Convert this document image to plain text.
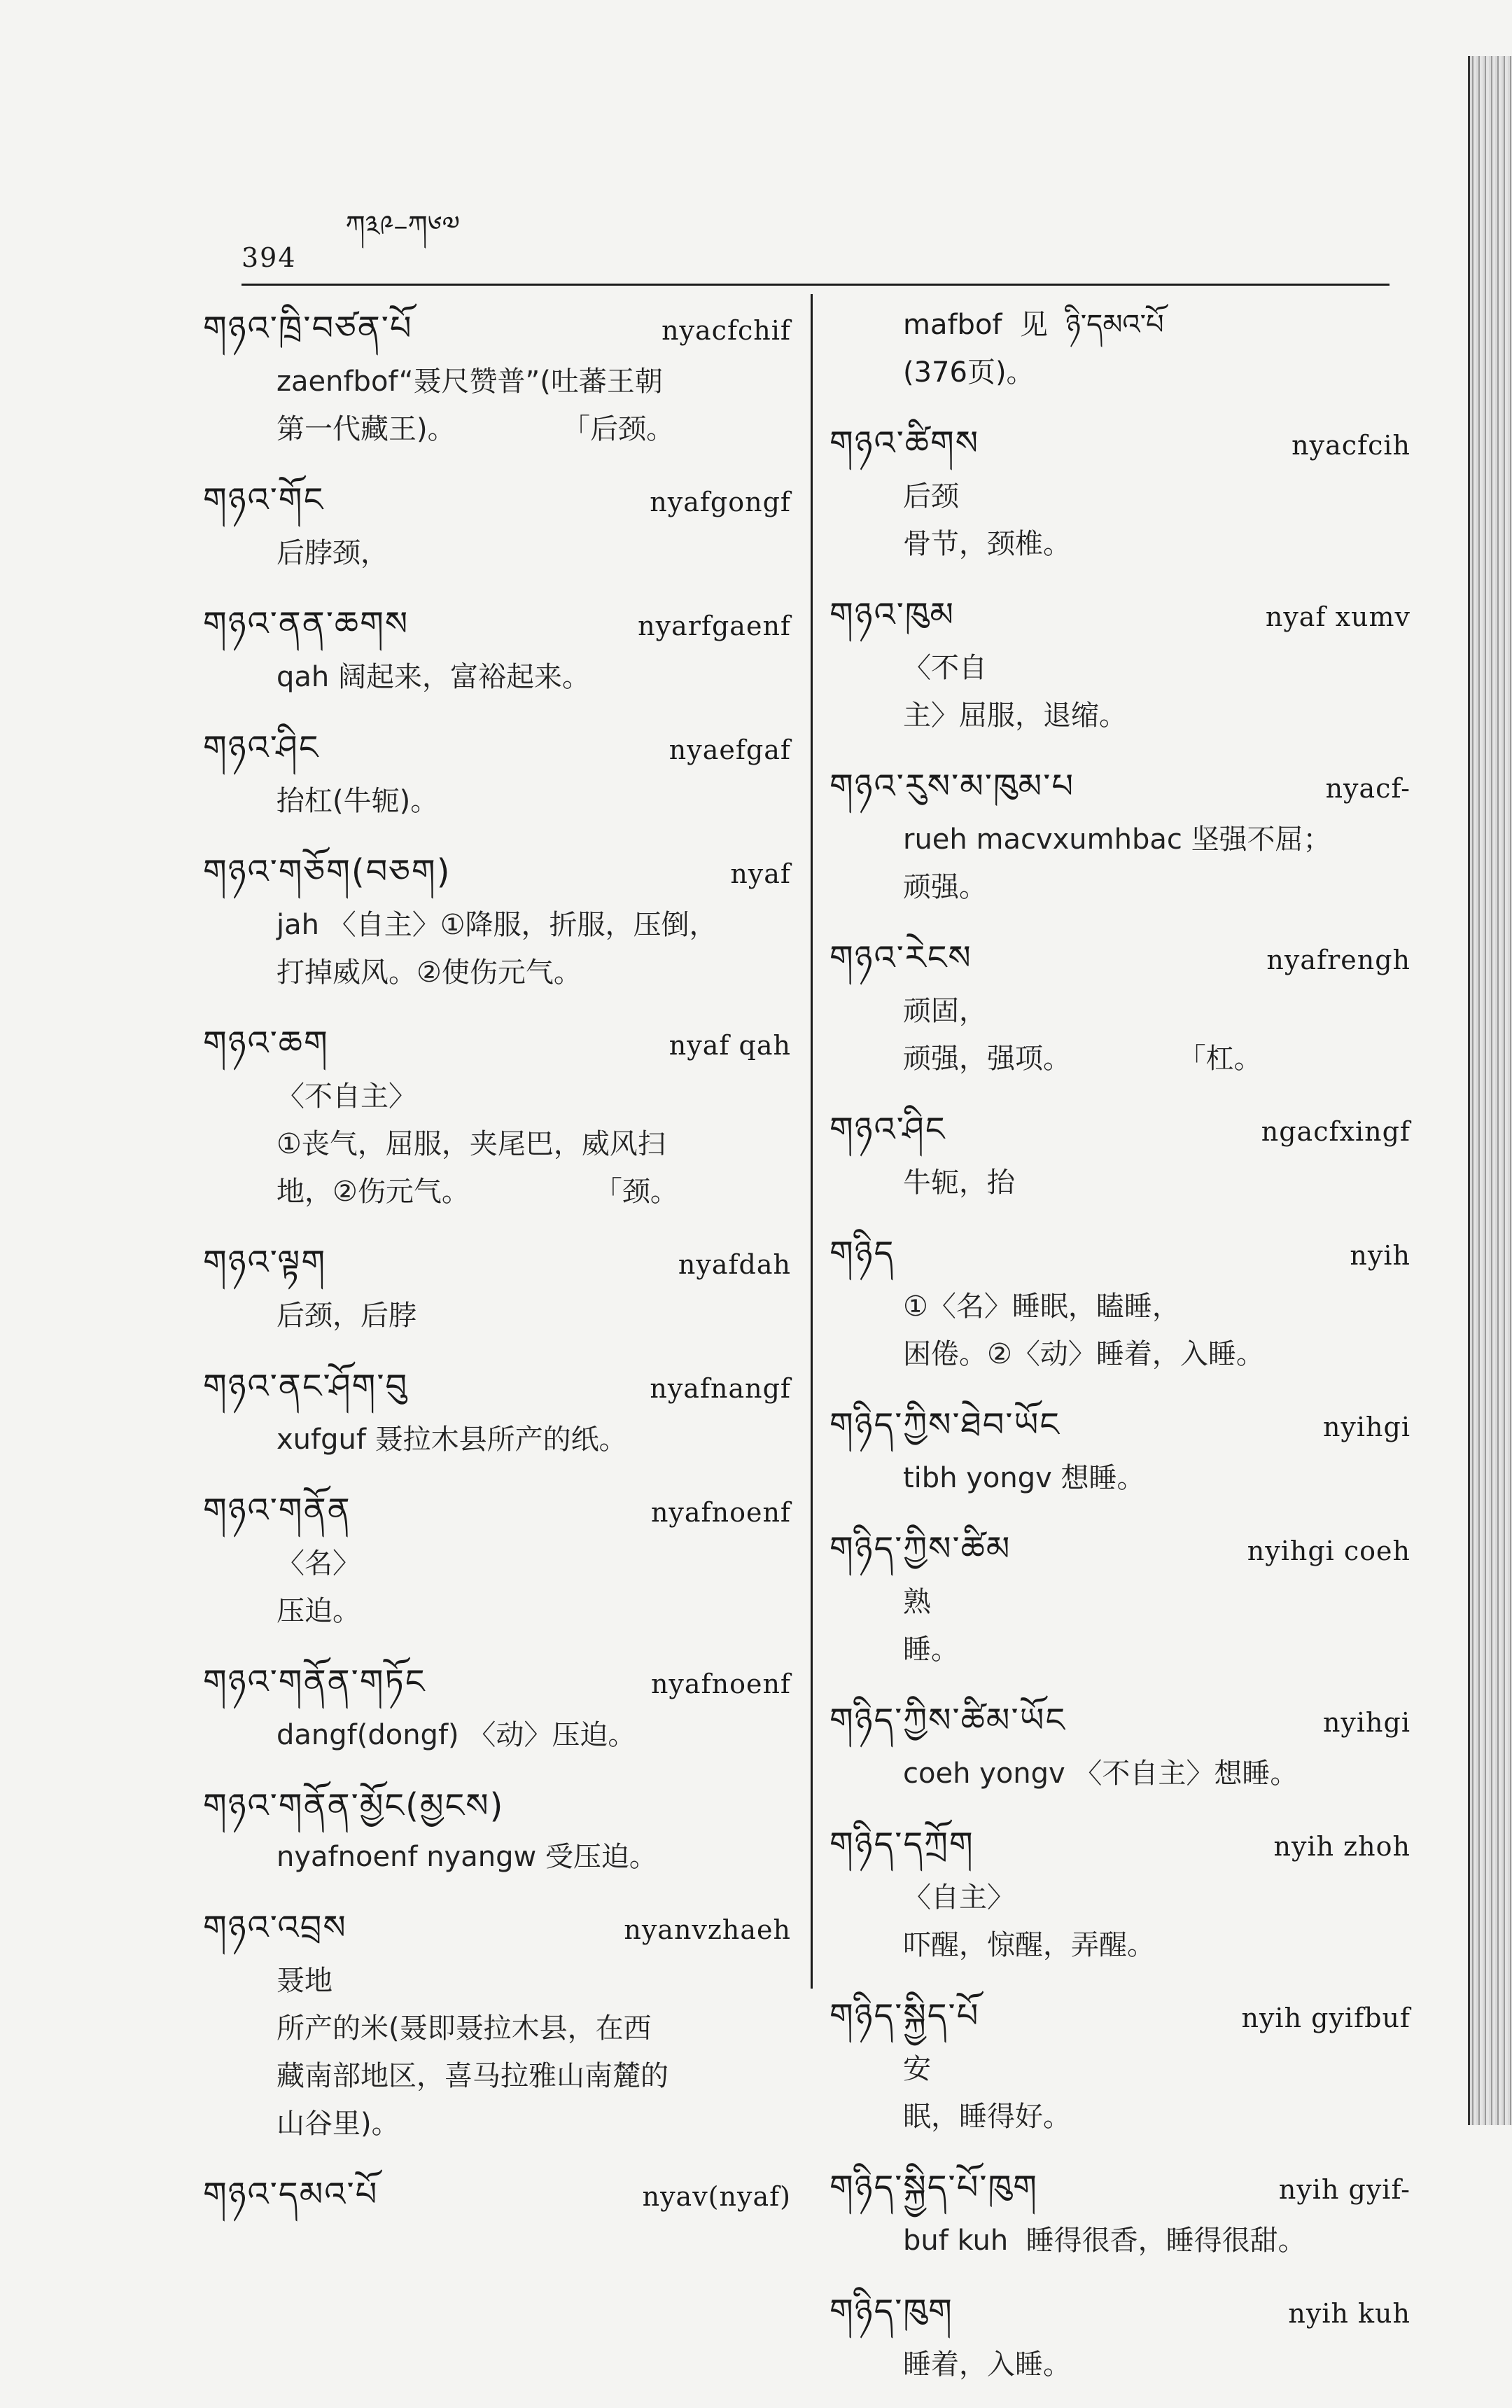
394
ཀ༣༩–ཀ༦༧
གཉའ་ཁྲི་བཙན་པོ	nyacfchif
zaenfbof“聂尺赞普”(吐蕃王朝
第一代藏王)。            「后颈。
གཉའ་གོང	nyafgongf
后脖颈，
གཉའ་ནན་ཆགས	nyarfgaenf
qah 阔起来，富裕起来。
གཉའ་ཤིང	nyaefgaf
抬杠(牛轭)。
གཉའ་གཅོག(བཅག)	nyaf
jah 〈自主〉①降服，折服，压倒，
打掉威风。②使伤元气。
གཉའ་ཆག	nyaf qah
〈不自主〉
①丧气，屈服，夹尾巴，威风扫
地，②伤元气。              「颈。
གཉའ་ལྟག	nyafdah
后颈，后脖
གཉའ་ནང་ཤོག་བུ	nyafnangf
xufguf 聂拉木县所产的纸。
གཉའ་གནོན	nyafnoenf
〈名〉
压迫。
གཉའ་གནོན་གཏོང	nyafnoenf
dangf(dongf) 〈动〉压迫。
གཉའ་གནོན་མྱོང(མྱངས)
nyafnoenf nyangw 受压迫。
གཉའ་འབྲས	nyanvzhaeh
聂地
所产的米(聂即聂拉木县，在西
藏南部地区，喜马拉雅山南麓的
山谷里)。
གཉའ་དམའ་པོ	nyav(nyaf)
mafbof  见  ཉི་དམའ་པོ
(376页)。
གཉའ་ཚིགས	nyacfcih
后颈
骨节，颈椎。
གཉའ་ཁུམ	nyaf xumv
〈不自
主〉屈服，退缩。
གཉའ་རུས་མ་ཁུམ་པ	nyacf-
rueh macvxumhbac 坚强不屈；
顽强。
གཉའ་རེངས	nyafrengh
顽固，
顽强，强项。            「杠。
གཉའ་ཤིང	ngacfxingf
牛轭，抬
གཉིད	nyih
①〈名〉睡眠，瞌睡，
困倦。②〈动〉睡着，入睡。
གཉིད་ཀྱིས་ཐེབ་ཡོང	nyihgi
tibh yongv 想睡。
གཉིད་ཀྱིས་ཚིམ	nyihgi coeh
熟
睡。
གཉིད་ཀྱིས་ཚིམ་ཡོང	nyihgi
coeh yongv 〈不自主〉想睡。
གཉིད་དཀྲོག	nyih zhoh
〈自主〉
吓醒，惊醒，弄醒。
གཉིད་སྐྱིད་པོ	nyih gyifbuf
安
眠，睡得好。
གཉིད་སྐྱིད་པོ་ཁུག	nyih gyif-
buf kuh  睡得很香，睡得很甜。
གཉིད་ཁུག	nyih kuh
睡着，入睡。
